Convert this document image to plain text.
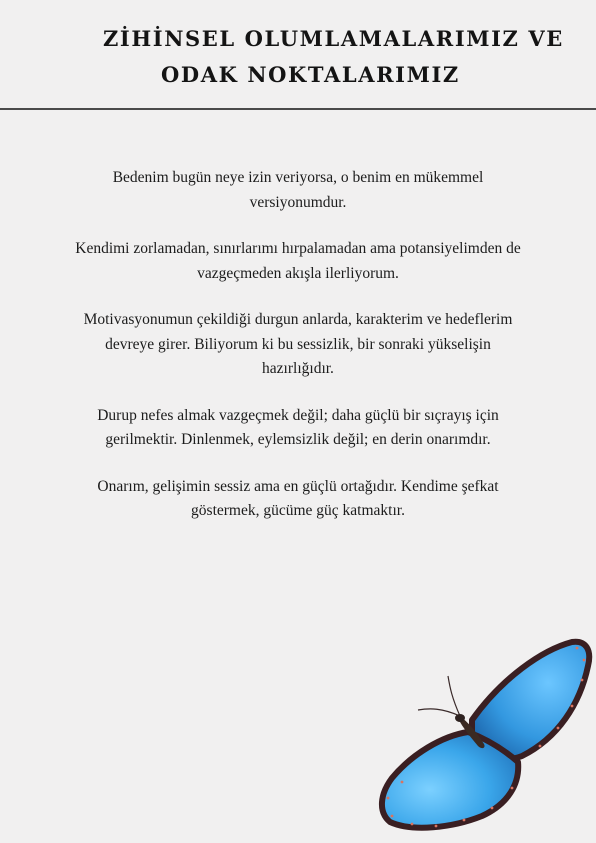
ZİHİNSEL OLUMLAMALARIMIZ VE
ODAK NOKTALARIMIZ

Bedenim bugün neye izin veriyorsa, o benim en mükemmel versiyonumdur.

Kendimi zorlamadan, sınırlarımı hırpalamadan ama potansiyelimden de vazgeçmeden akışla ilerliyorum.

Motivasyonumun çekildiği durgun anlarda, karakterim ve hedeflerim devreye girer. Biliyorum ki bu sessizlik, bir sonraki yükselişin hazırlığıdır.

Durup nefes almak vazgeçmek değil; daha güçlü bir sıçrayış için gerilmektir. Dinlenmek, eylemsizlik değil; en derin onarımdır.

Onarım, gelişimin sessiz ama en güçlü ortağıdır. Kendime şefkat göstermek, gücüme güç katmaktır.
